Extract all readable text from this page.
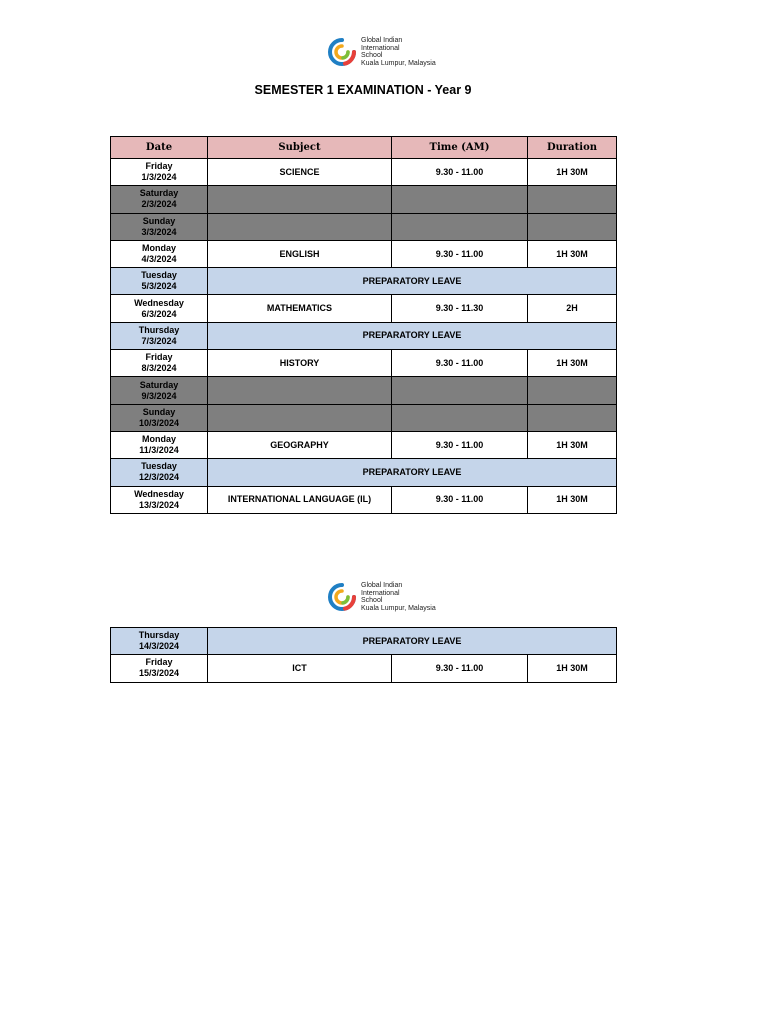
Global Indian
International
School
Kuala Lumpur, Malaysia
SEMESTER 1 EXAMINATION - Year 9
Date	Subject	Time (AM)	Duration

Friday
1/3/2024	SCIENCE	9.30 - 11.00	1H 30M

Saturday
2/3/2024			

Sunday
3/3/2024			

Monday
4/3/2024	ENGLISH	9.30 - 11.00	1H 30M

Tuesday
5/3/2024	PREPARATORY LEAVE		

Wednesday
6/3/2024	MATHEMATICS	9.30 - 11.30	2H

Thursday
7/3/2024	PREPARATORY LEAVE		

Friday
8/3/2024	HISTORY	9.30 - 11.00	1H 30M

Saturday
9/3/2024			

Sunday
10/3/2024			

Monday
11/3/2024	GEOGRAPHY	9.30 - 11.00	1H 30M

Tuesday
12/3/2024	PREPARATORY LEAVE		

Wednesday
13/3/2024	INTERNATIONAL LANGUAGE (IL)	9.30 - 11.00	1H 30M
Global Indian
International
School
Kuala Lumpur, Malaysia
Thursday
14/3/2024	PREPARATORY LEAVE		

Friday
15/3/2024	ICT	9.30 - 11.00	1H 30M
